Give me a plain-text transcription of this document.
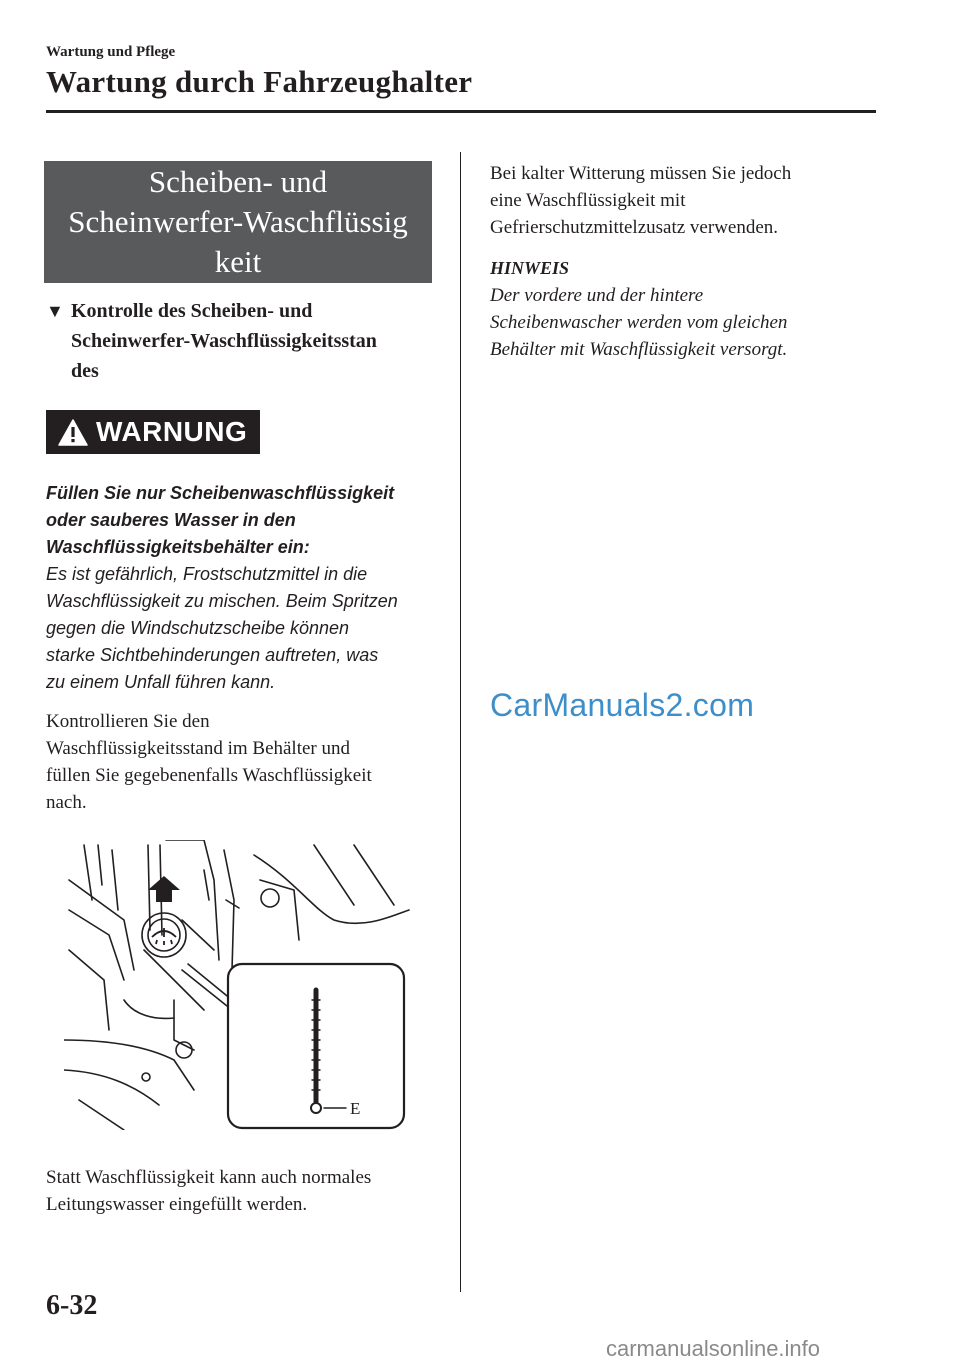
Wartung und Pflege
Wartung durch Fahrzeughalter
Scheiben- und
Scheinwerfer-Waschflüssig
keit
▼ Kontrolle des Scheiben- und
Scheinwerfer-Waschflüssigkeitsstan
des
WARNUNG
Füllen Sie nur Scheibenwaschflüssigkeit
oder sauberes Wasser in den
Waschflüssigkeitsbehälter ein:
Es ist gefährlich, Frostschutzmittel in die
Waschflüssigkeit zu mischen. Beim Spritzen
gegen die Windschutzscheibe können
starke Sichtbehinderungen auftreten, was
zu einem Unfall führen kann.
Kontrollieren Sie den
Waschflüssigkeitsstand im Behälter und
füllen Sie gegebenenfalls Waschflüssigkeit
nach.
E
Statt Waschflüssigkeit kann auch normales
Leitungswasser eingefüllt werden.
Bei kalter Witterung müssen Sie jedoch
eine Waschflüssigkeit mit
Gefrierschutzmittelzusatz verwenden.
HINWEIS
Der vordere und der hintere
Scheibenwascher werden vom gleichen
Behälter mit Waschflüssigkeit versorgt.
CarManuals2.com
6-32
carmanualsonline.info
